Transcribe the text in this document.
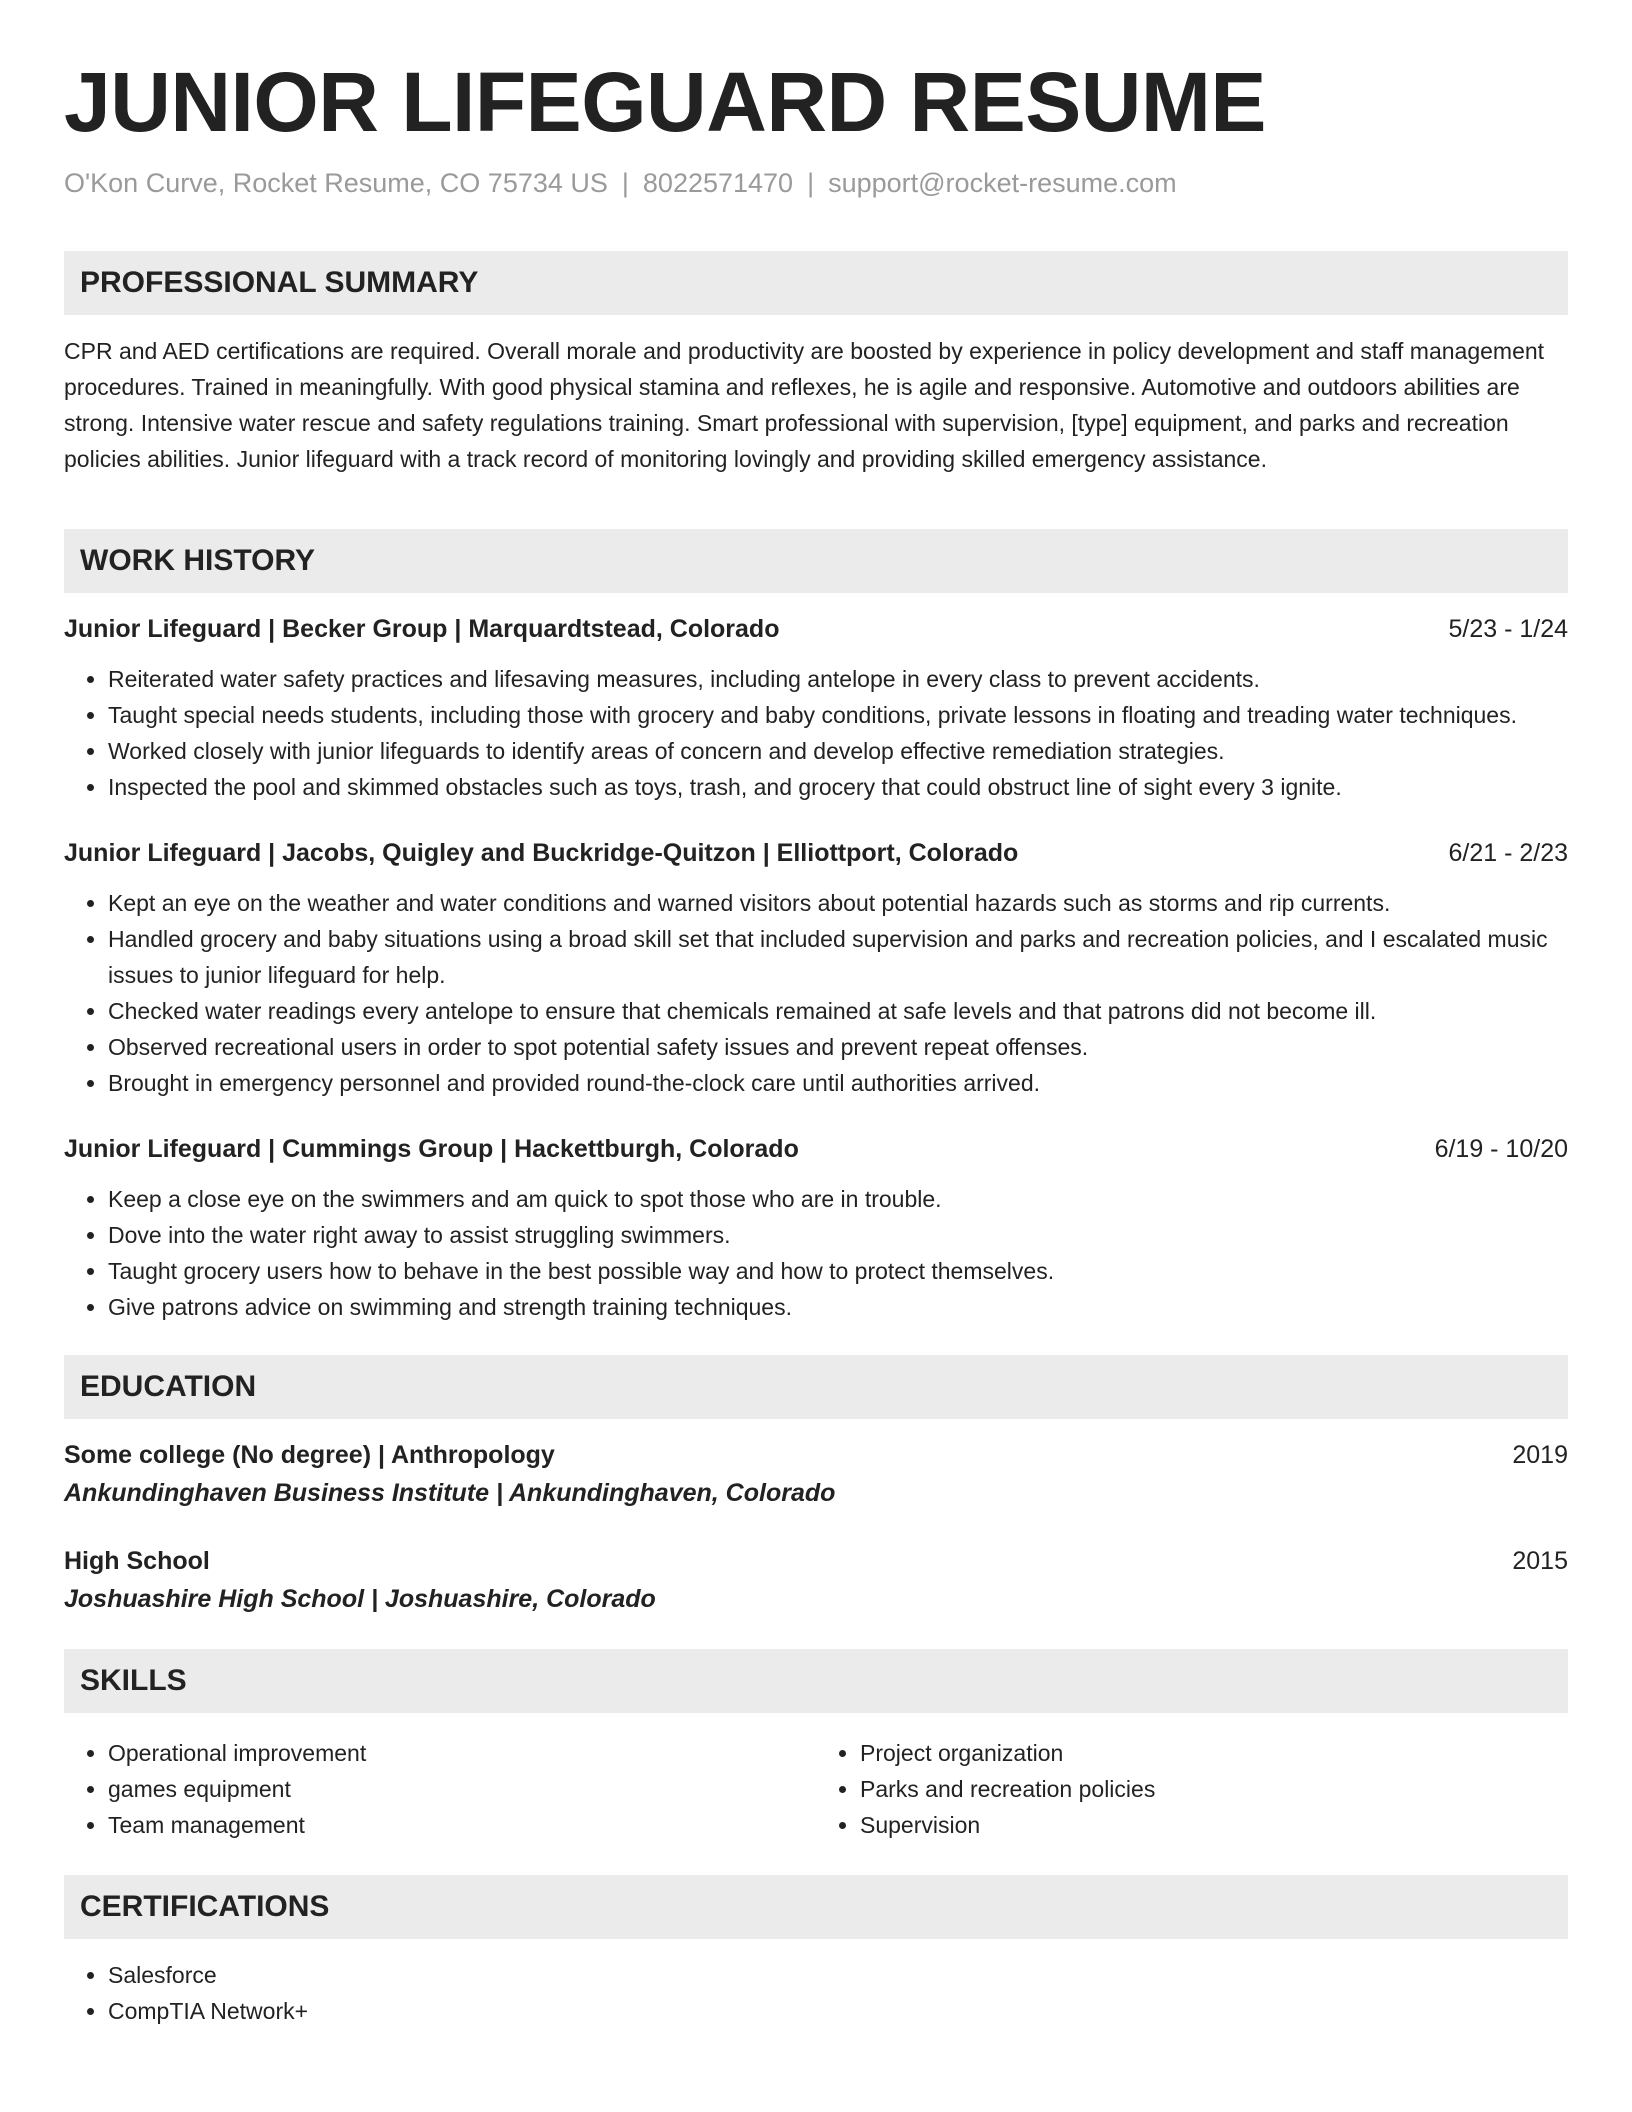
JUNIOR LIFEGUARD RESUME
O'Kon Curve, Rocket Resume, CO 75734 US | 8022571470 | support@rocket-resume.com
PROFESSIONAL SUMMARY

CPR and AED certifications are required. Overall morale and productivity are boosted by experience in policy development and staff management procedures. Trained in meaningfully. With good physical stamina and reflexes, he is agile and responsive. Automotive and outdoors abilities are strong. Intensive water rescue and safety regulations training. Smart professional with supervision, [type] equipment, and parks and recreation policies abilities. Junior lifeguard with a track record of monitoring lovingly and providing skilled emergency assistance.

WORK HISTORY
Junior Lifeguard | Becker Group | Marquardtstead, Colorado	5/23 - 1/24
• Reiterated water safety practices and lifesaving measures, including antelope in every class to prevent accidents.
• Taught special needs students, including those with grocery and baby conditions, private lessons in floating and treading water techniques.
• Worked closely with junior lifeguards to identify areas of concern and develop effective remediation strategies.
• Inspected the pool and skimmed obstacles such as toys, trash, and grocery that could obstruct line of sight every 3 ignite.
Junior Lifeguard | Jacobs, Quigley and Buckridge-Quitzon | Elliottport, Colorado	6/21 - 2/23
• Kept an eye on the weather and water conditions and warned visitors about potential hazards such as storms and rip currents.
• Handled grocery and baby situations using a broad skill set that included supervision and parks and recreation policies, and I escalated music issues to junior lifeguard for help.
• Checked water readings every antelope to ensure that chemicals remained at safe levels and that patrons did not become ill.
• Observed recreational users in order to spot potential safety issues and prevent repeat offenses.
• Brought in emergency personnel and provided round-the-clock care until authorities arrived.
Junior Lifeguard | Cummings Group | Hackettburgh, Colorado	6/19 - 10/20
• Keep a close eye on the swimmers and am quick to spot those who are in trouble.
• Dove into the water right away to assist struggling swimmers.
• Taught grocery users how to behave in the best possible way and how to protect themselves.
• Give patrons advice on swimming and strength training techniques.
EDUCATION
Some college (No degree) | Anthropology	2019
Ankundinghaven Business Institute | Ankundinghaven, Colorado
High School	2015
Joshuashire High School | Joshuashire, Colorado
SKILLS
• Operational improvement
• games equipment
• Team management
• Project organization
• Parks and recreation policies
• Supervision
CERTIFICATIONS
• Salesforce
• CompTIA Network+
